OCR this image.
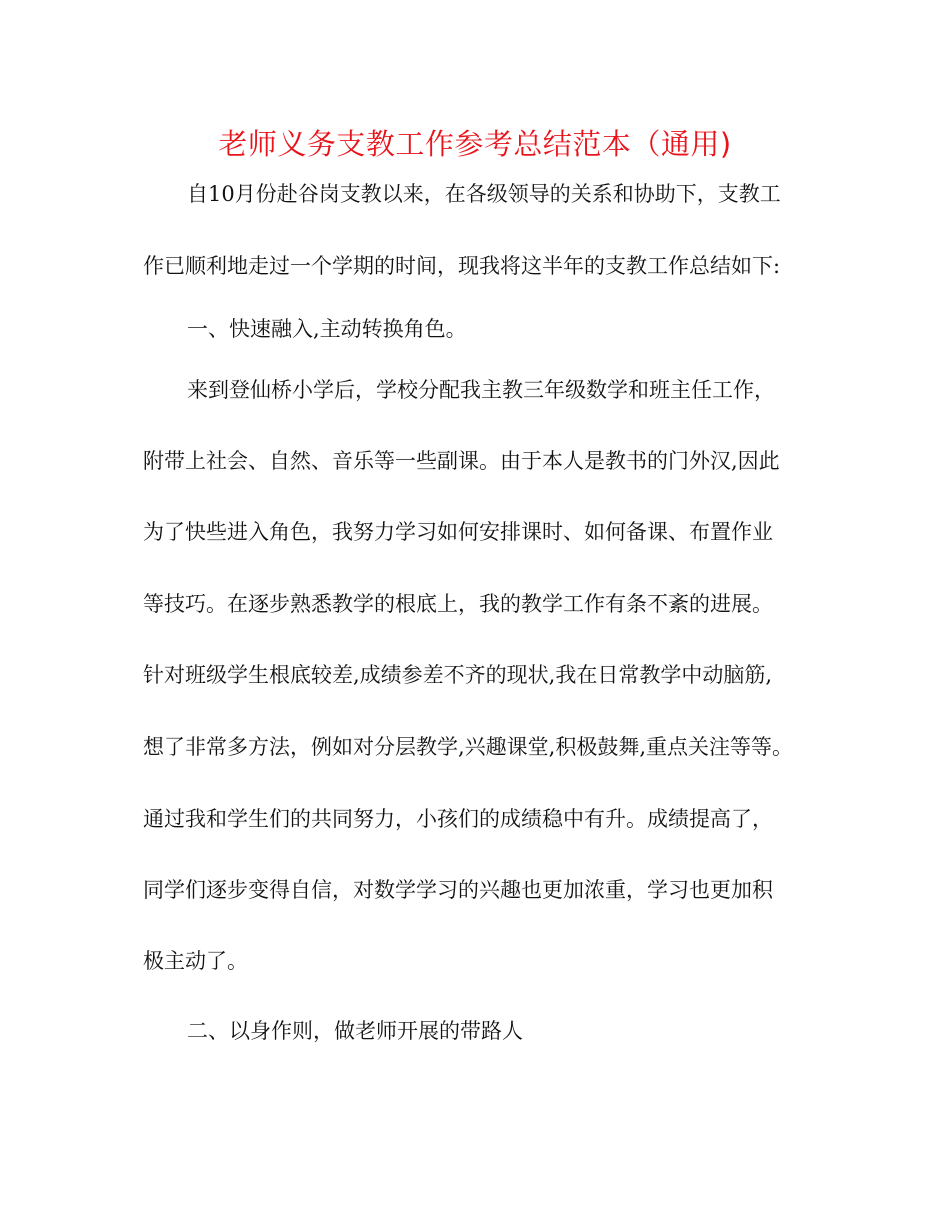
老师义务支教工作参考总结范本（通用)
自10月份赴谷岗支教以来，在各级领导的关系和协助下，支教工
作已顺利地走过一个学期的时间，现我将这半年的支教工作总结如下:
一、快速融入,主动转换角色。
来到登仙桥小学后，学校分配我主教三年级数学和班主任工作，
附带上社会、自然、音乐等一些副课。由于本人是教书的门外汉,因此
为了快些进入角色，我努力学习如何安排课时、如何备课、布置作业
等技巧。在逐步熟悉教学的根底上，我的教学工作有条不紊的进展。
针对班级学生根底较差,成绩参差不齐的现状,我在日常教学中动脑筋,
想了非常多方法，例如对分层教学,兴趣课堂,积极鼓舞,重点关注等等。
通过我和学生们的共同努力，小孩们的成绩稳中有升。成绩提高了，
同学们逐步变得自信，对数学学习的兴趣也更加浓重，学习也更加积
极主动了。
二、以身作则，做老师开展的带路人
